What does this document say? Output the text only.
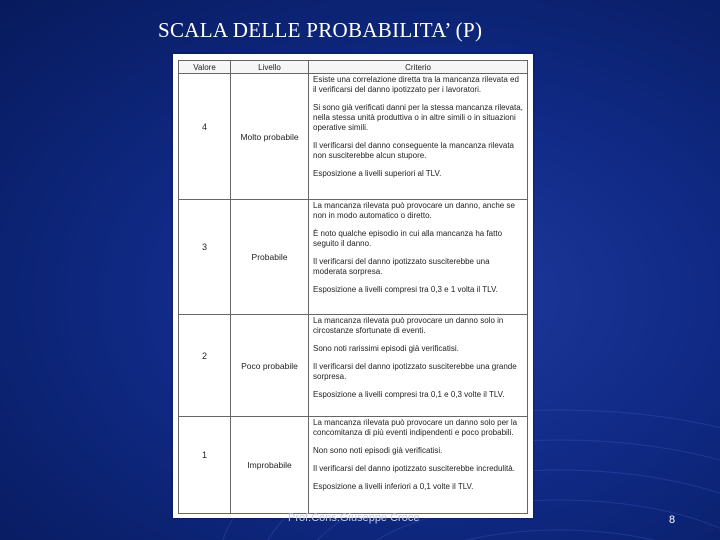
SCALA DELLE PROBABILITA’ (P)
Valore	Livello	Criterio
4	Molto probabile	Esiste una correlazione diretta tra la mancanza rilevata ed il verificarsi del danno ipotizzato per i lavoratori.

Si sono già verificati danni per la stessa mancanza rilevata, nella stessa unità produttiva o in altre simili o in situazioni operative simili.

Il verificarsi del danno conseguente la mancanza rilevata non susciterebbe alcun stupore.

Esposizione a livelli superiori al TLV.

3	Probabile	La mancanza rilevata può provocare un danno, anche se non in modo automatico o diretto.

È noto qualche episodio in cui alla mancanza ha fatto seguito il danno.

Il verificarsi del danno ipotizzato susciterebbe una moderata sorpresa.

Esposizione a livelli compresi tra 0,3 e 1 volta il TLV.

2	Poco probabile	La mancanza rilevata può provocare un danno solo in circostanze sfortunate di eventi.

Sono noti rarissimi episodi già verificatisi.

Il verificarsi del danno ipotizzato susciterebbe una grande sorpresa.

Esposizione a livelli compresi tra 0,1 e 0,3 volte il TLV.

1	Improbabile	La mancanza rilevata può provocare un danno solo per la concomitanza di più eventi indipendenti e poco probabili.

Non sono noti episodi già verificatisi.

Il verificarsi del danno ipotizzato susciterebbe incredulità.

Esposizione a livelli inferiori a 0,1 volte il TLV.

Prof.Cons.Giuseppe Croce	8
